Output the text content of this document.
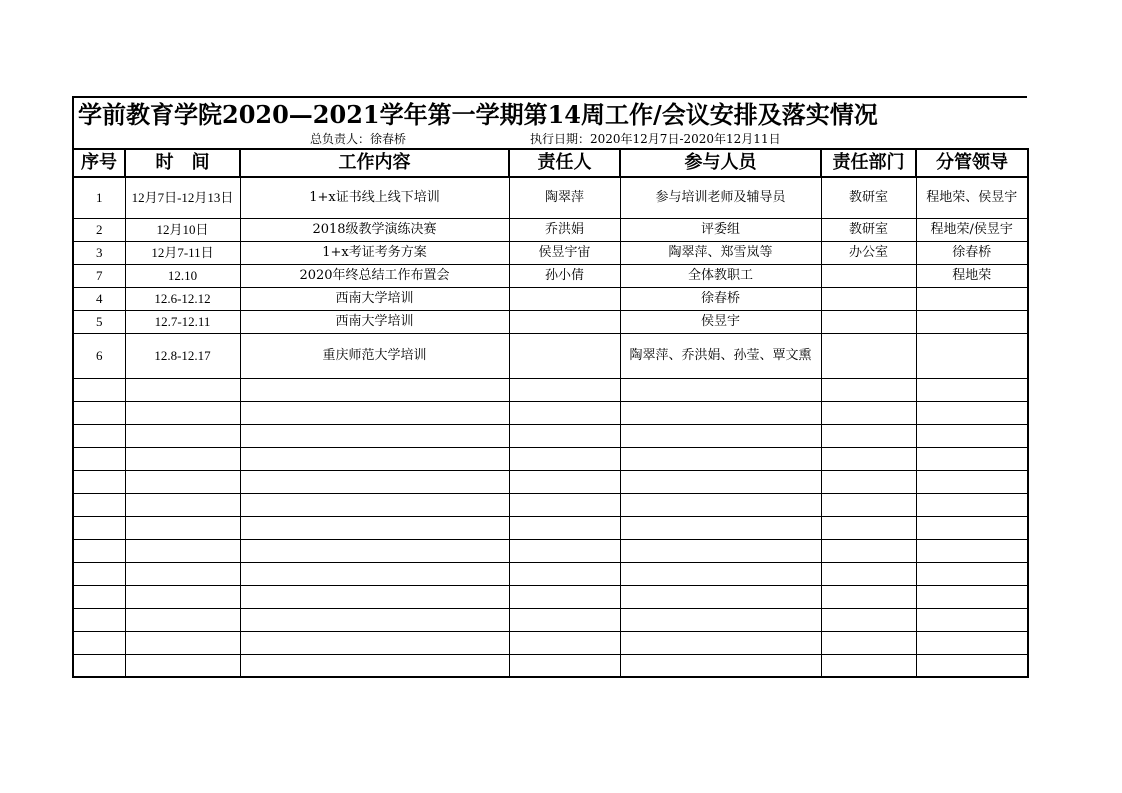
学前教育学院2020—2021学年第一学期第14周工作/会议安排及落实情况
总负责人：徐春桥	执行日期：2020年12月7日-2020年12月11日
序号	时　间	工作内容	责任人	参与人员	责任部门	分管领导
1	12月7日-12月13日	1+x证书线上线下培训	陶翠萍	参与培训老师及辅导员	教研室	程地荣、侯昱宇
2	12月10日	2018级教学演练决赛	乔洪娟	评委组	教研室	程地荣/侯昱宇
3	12月7-11日	1+x考证考务方案	侯昱宇宙	陶翠萍、郑雪岚等	办公室	徐春桥
7	12.10	2020年终总结工作布置会	孙小倩	全体教职工		程地荣
4	12.6-12.12	西南大学培训		徐春桥		
5	12.7-12.11	西南大学培训		侯昱宇		
6	12.8-12.17	重庆师范大学培训		陶翠萍、乔洪娟、孙莹、覃文熏		
